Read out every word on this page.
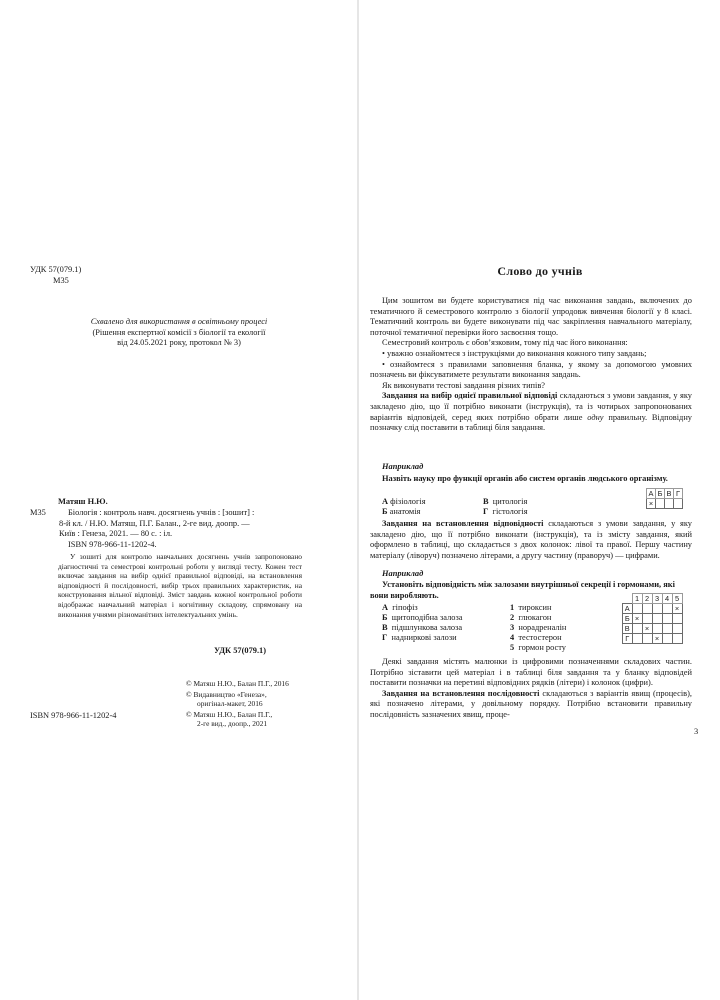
УДК 57(079.1)
М35
Схвалено для використання в освітньому процесі
(Рішення експертної комісії з біології та екології
від 24.05.2021 року, протокол № 3)
Матяш Н.Ю.
М35	Біологія : контроль навч. досягнень учнів : [зошит] :
8-й кл. / Н.Ю. Матяш, П.Г. Балан., 2-ге вид. доопр. —
Київ : Генеза, 2021. — 80 с. : іл.
ISBN 978-966-11-1202-4.

У зошиті для контролю навчальних досягнень учнів запропоновано діагностичні та семестрові контрольні роботи у вигляді тесту. Кожен тест включає завдання на вибір однієї правильної відповіді, на встановлення відповідності й послідовності, вибір трьох правильних характеристик, на конструювання вільної відповіді. Зміст завдань кожної контрольної роботи відображає навчальний матеріал і когнітивну складову, спрямовану на виконання учнями різноманітних інтелектуальних умінь.

УДК 57(079.1)
© Матяш Н.Ю., Балан П.Г., 2016
© Видавництво «Генеза»,
оригінал-макет, 2016
© Матяш Н.Ю., Балан П.Г.,
2-ге вид., доопр., 2021
ISBN 978-966-11-1202-4
Слово до учнів

Цим зошитом ви будете користуватися під час виконання завдань, включених до тематичного й семестрового контролю з біології упродовж вивчення біології у 8 класі. Тематичний контроль ви будете виконувати під час закріплення навчального матеріалу, поточної тематичної перевірки його засвоєння тощо.

Семестровий контроль є обов’язковим, тому під час його виконання:

• уважно ознайомтеся з інструкціями до виконання кожного типу завдань;

• ознайомтеся з правилами заповнення бланка, у якому за допомогою умовних позначень ви фіксуватимете результати виконання завдань.

Як виконувати тестові завдання різних типів?

Завдання на вибір однієї правильної відповіді складаються з умови завдання, у яку закладено дію, що її потрібно виконати (інструкція), та із чотирьох запропонованих варіантів відповідей, серед яких потрібно обрати лише одну правильну. Відповідну позначку слід поставити в таблиці біля завдання.

Наприклад
Назвіть науку про функції органів або систем органів людського організму.
А фізіологія
Б анатомія
В цитологія
Г гістологія
А	Б	В	Г
×			

Завдання на встановлення відповідності складаються з умови завдання, у яку закладено дію, що її потрібно виконати (інструкція), та із змісту завдання, який оформлено в таблиці, що складається з двох колонок: лівої та правої. Першу частину матеріалу (ліворуч) позначено літерами, а другу частину (праворуч) — цифрами.

Наприклад
Установіть відповідність між залозами внутрішньої секреції і гормонами, які вони виробляють.
А гіпофіз
Б щитоподібна залоза
В підшлункова залоза
Г надниркові залози
1 тироксин
2 глюкагон
3 норадреналін
4 тестостерон
5 гормон росту
	1	2	3	4	5
А					×
Б	×				
В		×			
Г			×		

Деякі завдання містять малюнки із цифровими позначеннями складових частин. Потрібно зіставити цей матеріал і в таблиці біля завдання та у бланку відповідей поставити позначки на перетині відповідних рядків (літери) і колонок (цифри).

Завдання на встановлення послідовності складаються з варіантів явищ (процесів), які позначено літерами, у довільному порядку. Потрібно встановити правильну послідовність зазначених явищ, проце-

3
